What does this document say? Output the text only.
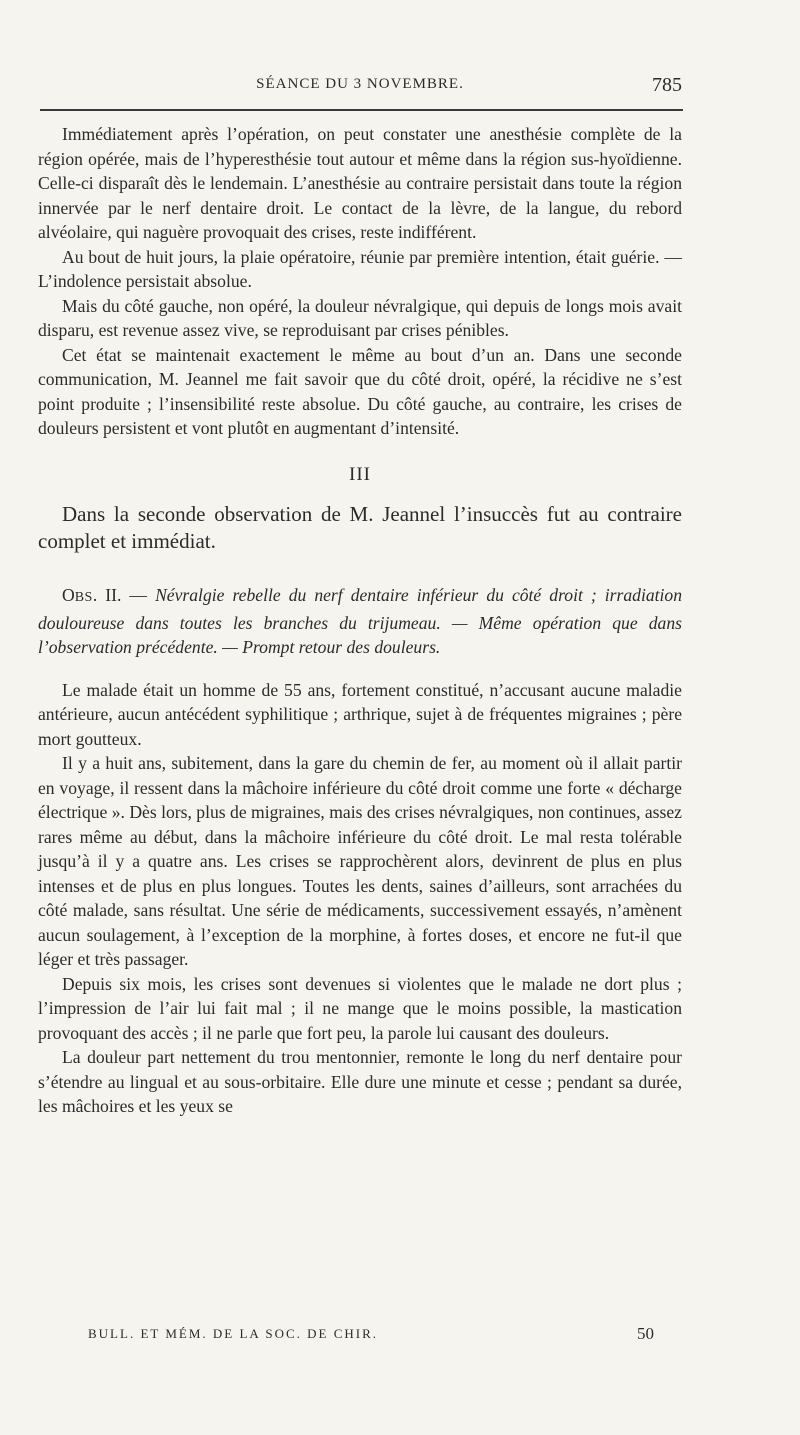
SÉANCE DU 3 NOVEMBRE.	785

Immédiatement après l’opération, on peut constater une anesthésie complète de la région opérée, mais de l’hyperesthésie tout autour et même dans la région sus-hyoïdienne. Celle-ci disparaît dès le lendemain. L’anesthésie au contraire persistait dans toute la région innervée par le nerf dentaire droit. Le contact de la lèvre, de la langue, du rebord alvéolaire, qui naguère provoquait des crises, reste indifférent.

Au bout de huit jours, la plaie opératoire, réunie par première intention, était guérie. — L’indolence persistait absolue.

Mais du côté gauche, non opéré, la douleur névralgique, qui depuis de longs mois avait disparu, est revenue assez vive, se reproduisant par crises pénibles.

Cet état se maintenait exactement le même au bout d’un an. Dans une seconde communication, M. Jeannel me fait savoir que du côté droit, opéré, la récidive ne s’est point produite ; l’insensibilité reste absolue. Du côté gauche, au contraire, les crises de douleurs persistent et vont plutôt en augmentant d’intensité.

III

Dans la seconde observation de M. Jeannel l’insuccès fut au contraire complet et immédiat.

OBS. II. — Névralgie rebelle du nerf dentaire inférieur du côté droit ; irradiation douloureuse dans toutes les branches du trijumeau. — Même opération que dans l’observation précédente. — Prompt retour des douleurs.

Le malade était un homme de 55 ans, fortement constitué, n’accusant aucune maladie antérieure, aucun antécédent syphilitique ; arthrique, sujet à de fréquentes migraines ; père mort goutteux.

Il y a huit ans, subitement, dans la gare du chemin de fer, au moment où il allait partir en voyage, il ressent dans la mâchoire inférieure du côté droit comme une forte « décharge électrique ». Dès lors, plus de migraines, mais des crises névralgiques, non continues, assez rares même au début, dans la mâchoire inférieure du côté droit. Le mal resta tolérable jusqu’à il y a quatre ans. Les crises se rapprochèrent alors, devinrent de plus en plus intenses et de plus en plus longues. Toutes les dents, saines d’ailleurs, sont arrachées du côté malade, sans résultat. Une série de médicaments, successivement essayés, n’amènent aucun soulagement, à l’exception de la morphine, à fortes doses, et encore ne fut-il que léger et très passager.

Depuis six mois, les crises sont devenues si violentes que le malade ne dort plus ; l’impression de l’air lui fait mal ; il ne mange que le moins possible, la mastication provoquant des accès ; il ne parle que fort peu, la parole lui causant des douleurs.

La douleur part nettement du trou mentonnier, remonte le long du nerf dentaire pour s’étendre au lingual et au sous-orbitaire. Elle dure une minute et cesse ; pendant sa durée, les mâchoires et les yeux se

BULL. ET MÉM. DE LA SOC. DE CHIR.	50
